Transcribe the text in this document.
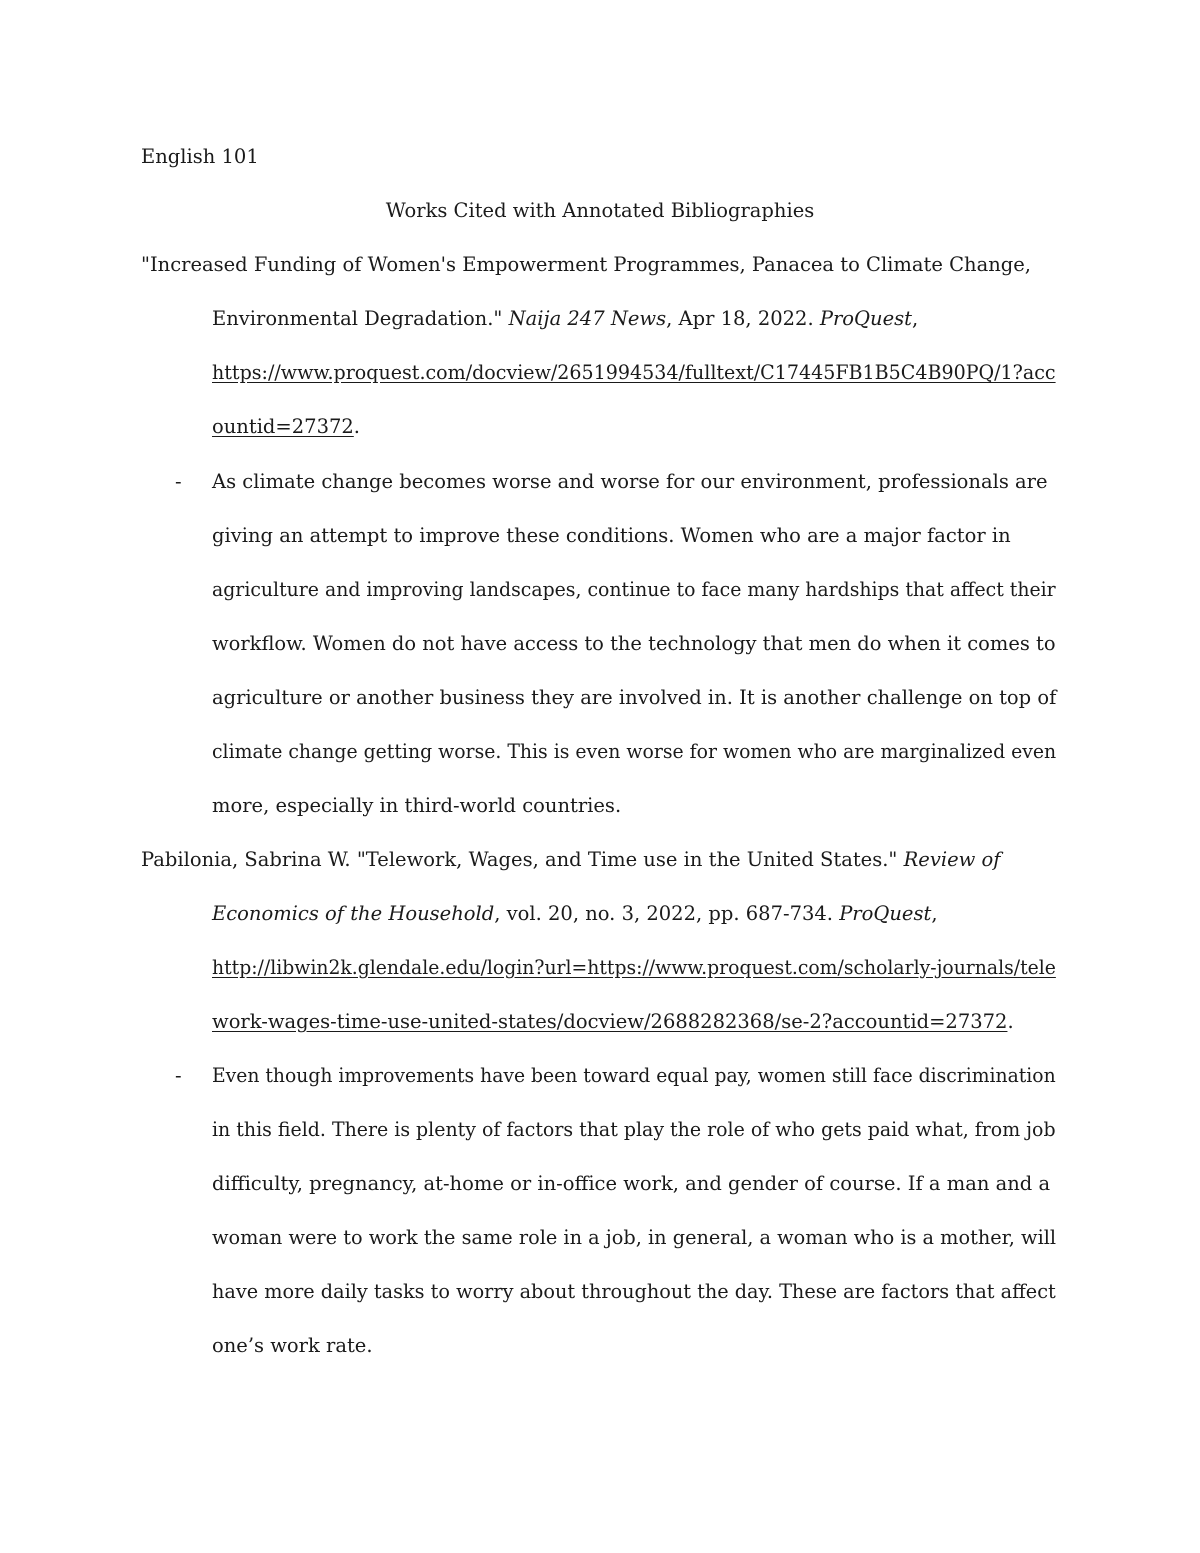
English 101
Works Cited with Annotated Bibliographies
"Increased Funding of Women's Empowerment Programmes, Panacea to Climate Change,
Environmental Degradation." Naija 247 News, Apr 18, 2022. ProQuest,
https://www.proquest.com/docview/2651994534/fulltext/C17445FB1B5C4B90PQ/1?acc
ountid=27372.
- As climate change becomes worse and worse for our environment, professionals are
giving an attempt to improve these conditions. Women who are a major factor in
agriculture and improving landscapes, continue to face many hardships that affect their
workflow. Women do not have access to the technology that men do when it comes to
agriculture or another business they are involved in. It is another challenge on top of
climate change getting worse. This is even worse for women who are marginalized even
more, especially in third-world countries.
Pabilonia, Sabrina W. "Telework, Wages, and Time use in the United States." Review of
Economics of the Household, vol. 20, no. 3, 2022, pp. 687-734. ProQuest,
http://libwin2k.glendale.edu/login?url=https://www.proquest.com/scholarly-journals/tele
work-wages-time-use-united-states/docview/2688282368/se-2?accountid=27372.
- Even though improvements have been toward equal pay, women still face discrimination
in this field. There is plenty of factors that play the role of who gets paid what, from job
difficulty, pregnancy, at-home or in-office work, and gender of course. If a man and a
woman were to work the same role in a job, in general, a woman who is a mother, will
have more daily tasks to worry about throughout the day. These are factors that affect
one’s work rate.
